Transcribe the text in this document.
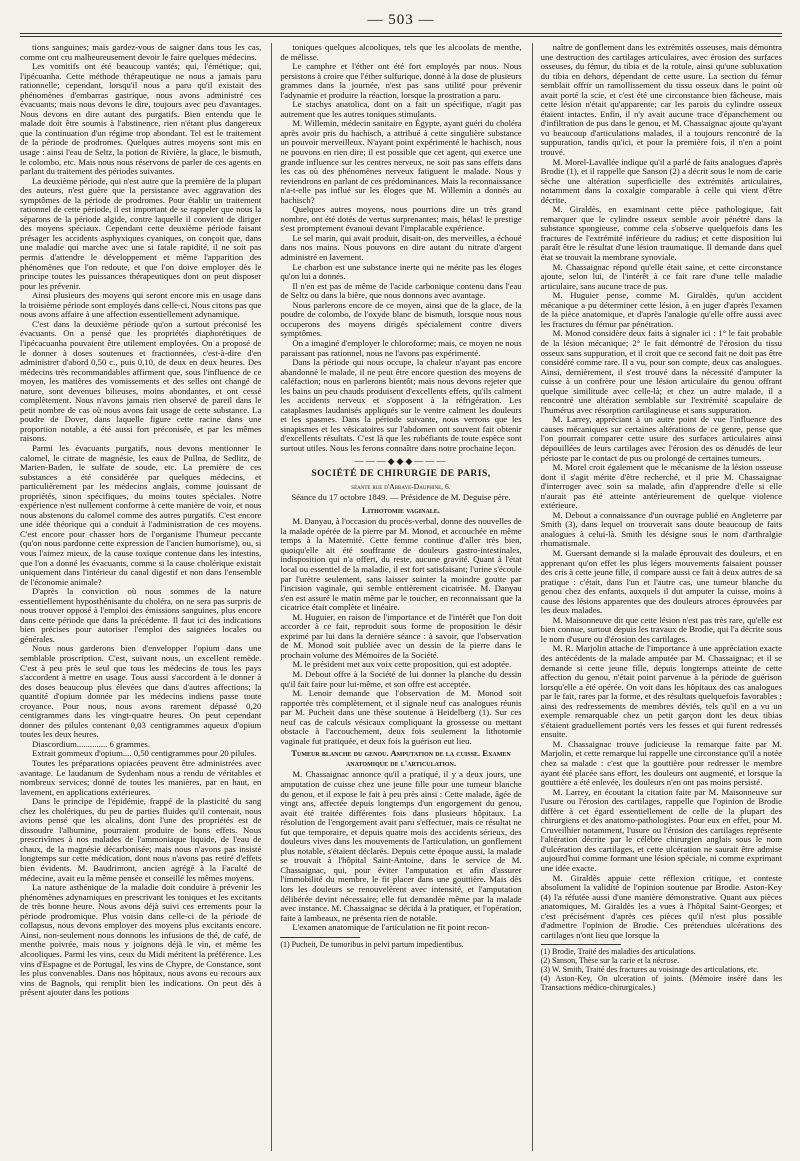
— 503 —

tions sanguines; mais gardez-vous de saigner dans tous les cas, comme ont cru malheureusement devoir le faire quelques médecins.

Les vomitifs ont été beaucoup vantés; qui, l'émétique; qui, l'ipécuanha. Cette méthode thérapeutique ne nous a jamais paru rationnelle; cependant, lorsqu'il nous a paru qu'il existait des phénomènes d'embarras gastrique, nous avons administré ces évacuants; mais nous devons le dire, toujours avec peu d'avantages. Nous devons en dire autant des purgatifs. Bien entendu que le malade doit être soumis à l'abstinence, rien n'étant plus dangereux que la continuation d'un régime trop abondant. Tel est le traitement de la période de prodromes. Quelques autres moyens sont mis en usage : ainsi l'eau de Seltz, la potion de Rivière, la glace, le bismuth, le colombo, etc. Mais nous nous réservons de parler de ces agents en parlant du traitement des périodes suivantes.

La deuxième période, qui n'est autre que la première de la plupart des auteurs, n'est guère que la persistance avec aggravation des symptômes de la période de prodromes. Pour établir un traitement rationnel de cette période, il est important de se rappeler que nous la séparons de la période algide, contre laquelle il convient de diriger des moyens spéciaux. Cependant cette deuxième période faisant présager les accidents asphyxiques cyaniques, on conçoit que, dans une maladie qui marche avec une si fatale rapidité, il ne soit pas permis d'attendre le développement et même l'apparition des phénomènes que l'on redoute, et que l'on doive employer dès le principe toutes les puissances thérapeutiques dont on peut disposer pour les prévenir.

Ainsi plusieurs des moyens qui seront encore mis en usage dans la troisième période sont employés dans celle-ci. Nous citons pas que nous avons affaire à une affection essentiellement adynamique.

C'est dans la deuxième période qu'on a surtout préconisé les évacuants. On a pensé que les propriétés diaphorétiques de l'ipécacuanha pouvaient être utilement employées. On a proposé de le donner à doses soutenues et fractionnées, c'est-à-dire d'en administrer d'abord 0,50 c., puis 0,10, de deux en deux heures. Des médecins très recommandables affirment que, sous l'influence de ce moyen, les matières des vomissements et des selles ont changé de nature, sont devenues bilieuses, moins abondantes, et ont cessé complètement. Nous n'avons jamais rien observé de pareil dans le petit nombre de cas où nous avons fait usage de cette substance. La poudre de Dover, dans laquelle figure cette racine dans une proportion notable, a été aussi fort préconisée, et par les mêmes raisons.

Parmi les évacuants purgatifs, nous devons mentionner le calomel, le citrate de magnésie, les eaux de Pullna, de Sedlitz, de Marien-Baden, le sulfate de soude, etc. La première de ces substances a été considérée par quelques médecins, et particulièrement par les médecins anglais, comme jouissant de propriétés, sinon spécifiques, du moins toutes spéciales. Notre expérience n'est nullement conforme à cette manière de voir, et nous nous abstenons du calomel comme des autres purgatifs. C'est encore une idée théorique qui a conduit à l'administration de ces moyens. C'est encore pour chasser hors de l'organisme l'humeur peccante (qu'on nous pardonne cette expression de l'ancien humorisme), ou, si vous l'aimez mieux, de la cause toxique contenue dans les intestins, que l'on a donné les évacuants, comme si la cause cholérique existait uniquement dans l'intérieur du canal digestif et non dans l'ensemble de l'économie animale?

D'après la conviction où nous sommes de la nature essentiellement hyposthénisante du choléra, on ne sera pas surpris de nous trouver opposé à l'emploi des émissions sanguines, plus encore dans cette période que dans la précédente. Il faut ici des indications bien précises pour autoriser l'emploi des saignées locales ou générales.

Nous nous garderons bien d'envelopper l'opium dans une semblable proscription. C'est, suivant nous, un excellent remède. C'est à peu près le seul que tous les médecins de tous les pays s'accordent à mettre en usage. Tous aussi s'accordent à le donner à des doses beaucoup plus élevées que dans d'autres affections; la quantité d'opium donnée par les médecins indiens passe toute croyance. Pour nous, nous avons rarement dépassé 0,20 centigrammes dans les vingt-quatre heures. On peut cependant donner des pilules contenant 0,03 centigrammes aqueux d'opium toutes les deux heures.

Diascordium.............. 6 grammes.

Extrait gommeux d'opium.... 0,50 centigrammes pour 20 pilules.

Toutes les préparations opiacées peuvent être administrées avec avantage. Le laudanum de Sydenham nous a rendu de véritables et nombreux services; donné de toutes les manières, par en haut, en lavement, en applications extérieures.

Dans le principe de l'épidémie, frappé de la plasticité du sang chez les cholériques, du peu de parties fluides qu'il contenait, nous avions pensé que les alcalins, dont l'une des propriétés est de dissoudre l'albumine, pourraient produire de bons effets. Nous prescrivîmes à nos malades de l'ammoniaque liquide, de l'eau de chaux, de la magnésie décarbonisée; mais nous n'avons pas insisté longtemps sur cette médication, dont nous n'avons pas retiré d'effets bien évidents. M. Baudrimont, ancien agrégé à la Faculté de médecine, avait eu la même pensée et conseillé les mêmes moyens.

La nature asthénique de la maladie doit conduire à prévenir les phénomènes adynamiques en prescrivant les toniques et les excitants de très bonne heure. Nous avons déjà suivi ces errements pour la période prodromique. Plus voisin dans celle-ci de la période de collapsus, nous devons employer des moyens plus excitants encore. Ainsi, non-seulement nous donnons les infusions de thé, de café, de menthe poivrée, mais nous y joignons déjà le vin, et même les alcooliques. Parmi les vins, ceux du Midi méritent la préférence. Les vins d'Espagne et de Portugal, les vins de Chypre, de Constance, sont les plus convenables. Dans nos hôpitaux, nous avons eu recours aux vins de Bagnols, qui remplit bien les indications. On peut dès à présent ajouter dans les potions

toniques quelques alcooliques, tels que les alcoolats de menthe, de mélisse.

Le camphre et l'éther ont été fort employés par nous. Nous persistons à croire que l'éther sulfurique, donné à la dose de plusieurs grammes dans la journée, n'est pas sans utilité pour prévenir l'adynamie et produire la réaction, lorsque la prostration a paru.

Le stachys anatolica, dont on a fait un spécifique, n'agit pas autrement que les autres toniques stimulants.

M. Willemin, médecin sanitaire en Égypte, ayant guéri du choléra après avoir pris du hachisch, a attribué à cette singulière substance un pouvoir merveilleux. N'ayant point expérimenté le hachisch, nous ne pouvons en rien dire; il est possible que cet agent, qui exerce une grande influence sur les centres nerveux, ne soit pas sans effets dans les cas où des phénomènes nerveux fatiguent le malade. Nous y reviendrons en parlant de ces prédominances. Mais la reconnaissance n'a-t-elle pas influé sur les éloges que M. Willemin a donnés au hachisch?

Quelques autres moyens, nous pourrions dire un très grand nombre, ont été dotés de vertus surprenantes; mais, hélas! le prestige s'est promptement évanoui devant l'implacable expérience.

Le sel marin, qui avait produit, disait-on, des merveilles, a échoué dans nos mains. Nous pouvons en dire autant du nitrate d'argent administré en lavement.

Le charbon est une substance inerte qui ne mérite pas les éloges qu'on lui a donnés.

Il n'en est pas de même de l'acide carbonique contenu dans l'eau de Seltz ou dans la bière, que nous donnons avec avantage.

Nous parlerons encore de ce moyen, ainsi que de la glace, de la poudre de colombo, de l'oxyde blanc de bismuth, lorsque nous nous occuperons des moyens dirigés spécialement contre divers symptômes.

On a imaginé d'employer le chloroforme; mais, ce moyen ne nous paraissant pas rationnel, nous ne l'avons pas expérimenté.

Dans la période qui nous occupe, la chaleur n'ayant pas encore abandonné le malade, il ne peut être encore question des moyens de caléfaction; nous en parlerons bientôt; mais nous devons rejeter que les bains un peu chauds produisent d'excellents effets, qu'ils calment les accidents nerveux et s'opposent à la réfrigération. Les cataplasmes laudanisés appliqués sur le ventre calment les douleurs et les spasmes. Dans la période suivante, nous verrons que les sinapismes et les vésicatoires sur l'abdomen ont souvent fait obtenir d'excellents résultats. C'est là que les rubéfiants de toute espèce sont surtout utiles. Nous les ferons connaître dans notre prochaine leçon.

———◆◆◆———
SOCIÉTÉ DE CHIRURGIE DE PARIS,
séante rue d'Abbaye-Dauphine, 6.
Séance du 17 octobre 1849. — Présidence de M. Deguise père.
Lithotomie vaginale.

M. Danyau, à l'occasion du procès-verbal, donne des nouvelles de la malade opérée de la pierre par M. Monod, et accouchée en même temps à la Maternité. Cette femme continue d'aller très bien, quoiqu'elle ait été souffrante de douleurs gastro-intestinales, indisposition qui n'a offert, du reste, aucune gravité. Quant à l'état local ou essentiel de la maladie, il est fort satisfaisant; l'urine s'écoule par l'urètre seulement, sans laisser suinter la moindre goutte par l'incision vaginale, qui semble entièrement cicatrisée. M. Danyau s'en est assuré le matin même par le toucher, en reconnaissant que la cicatrice était complète et linéaire.

M. Huguier, en raison de l'importance et de l'intérêt que l'on doit accorder à ce fait, reproduit sous forme de proposition le désir exprimé par lui dans la dernière séance : à savoir, que l'observation de M. Monod soit publiée avec un dessin de la pierre dans le prochain volume des Mémoires de la Société.

M. le président met aux voix cette proposition, qui est adoptée.

M. Debout offre à la Société de lui donner la planche du dessin qu'il fait faire pour lui-même, et son offre est acceptée.

M. Lenoir demande que l'observation de M. Monod soit rapportée très complètement, et il signale neuf cas analogues réunis par M. Pucheit dans une thèse soutenue à Heidelberg (1). Sur ces neuf cas de calculs vésicaux compliquant la grossesse ou mettant obstacle à l'accouchement, deux fois seulement la lithotomie vaginale fut pratiquée, et deux fois la guérison eut lieu.

Tumeur blanche du genou. Amputation de la cuisse. Examen anatomique de l'articulation.

M. Chassaignac annonce qu'il a pratiqué, il y a deux jours, une amputation de cuisse chez une jeune fille pour une tumeur blanche du genou, et il expose le fait à peu près ainsi : Cette malade, âgée de vingt ans, affectée depuis longtemps d'un engorgement du genou, avait été traitée différentes fois dans plusieurs hôpitaux. La résolution de l'engorgement avait paru s'effectuer, mais ce résultat ne fut que temporaire, et depuis quatre mois des accidents sérieux, des douleurs vives dans les mouvements de l'articulation, un gonflement plus notable, s'étaient déclarés. Depuis cette époque aussi, la malade se trouvait à l'hôpital Saint-Antoine, dans le service de M. Chassaignac, qui, pour éviter l'amputation et afin d'assurer l'immobilité du membre, le fit placer dans une gouttière. Mais dès lors les douleurs se renouvelèrent avec intensité, et l'amputation délibérée devint nécessaire; elle fut demandée même par la malade avec instance. M. Chassaignac se décida à la pratiquer, et l'opération, faite à lambeaux, ne présenta rien de notable.

L'examen anatomique de l'articulation ne fit point recon-

(1) Pucheit, De tumoribus in pelvi partum impedientibus.

naître de gonflement dans les extrémités osseuses, mais démontra une destruction des cartilages articulaires, avec érosion des surfaces osseuses, du fémur, du tibia et de la rotule, ainsi qu'une subluxation du tibia en dehors, dépendant de cette usure. La section du fémur semblait offrir un ramollissement du tissu osseux dans le point où avait porté la scie, et c'est été une circonstance bien fâcheuse, mais cette lésion n'était qu'apparente; car les parois du cylindre osseux étaient intactes. Enfin, il n'y avait aucune trace d'épanchement ou d'infiltration de pus dans le genou, et M. Chassaignac ajoute qu'ayant vu beaucoup d'articulations malades, il a toujours rencontré de la suppuration, tandis qu'ici, et pour la première fois, il n'en a point trouvé.

M. Morel-Lavallée indique qu'il a parlé de faits analogues d'après Brodie (1), et il rappelle que Sanson (2) a décrit sous le nom de carie sèche une altération superficielle des extrémités articulaires, notamment dans la coxalgie comparable à celle qui vient d'être décrite.

M. Giraldès, en examinant cette pièce pathologique, fait remarquer que le cylindre osseux semble avoir pénétré dans la substance spongieuse, comme cela s'observe quelquefois dans les fractures de l'extrémité inférieure du radius; et cette disposition lui paraît être le résultat d'une lésion traumatique. Il demande dans quel état se trouvait la membrane synoviale.

M. Chassaignac répond qu'elle était saine, et cette circonstance ajoute, selon lui, de l'intérêt à ce fait rare d'une telle maladie articulaire, sans aucune trace de pus.

M. Huguier pense, comme M. Giraldès, qu'un accident mécanique a pu déterminer cette lésion, à en juger d'après l'examen de la pièce anatomique, et d'après l'analogie qu'elle offre aussi avec les fractures du fémur par pénétration.

M. Monod considère deux faits à signaler ici : 1° le fait probable de la lésion mécanique; 2° le fait démontré de l'érosion du tissu osseux sans suppuration, et il croit que ce second fait ne doit pas être considéré comme rare. Il a vu, pour son compte, deux cas analogues. Ainsi, dernièrement, il s'est trouvé dans la nécessité d'amputer la cuisse à un confrère pour une lésion articulaire du genou offrant quelque similitude avec celle-là; et chez un autre malade, il a rencontré une altération semblable sur l'extrémité scapulaire de l'humérus avec résorption cartilagineuse et sans suppuration.

M. Larrey, appréciant à un autre point de vue l'influence des causes mécaniques sur certaines altérations de ce genre, pense que l'on pourrait comparer cette usure des surfaces articulaires ainsi dépouillées de leurs cartilages avec l'érosion des os dénudés de leur périoste par le contact de pus ou prolongé de certaines tumeurs.

M. Morel croit également que le mécanisme de la lésion osseuse dont il s'agit mérite d'être recherché, et il prie M. Chassaignac d'interroger avec soin sa malade, afin d'apprendre d'elle si elle n'aurait pas été atteinte antérieurement de quelque violence extérieure.

M. Debout a connaissance d'un ouvrage publié en Angleterre par Smith (3), dans lequel on trouverait sans doute beaucoup de faits analogues à celui-là. Smith les désigne sous le nom d'arthralgie rhumatismale.

M. Guersant demande si la malade éprouvait des douleurs, et en apprenant qu'on effet les plus légers mouvements faisaient pousser des cris à cette jeune fille, il compare aussi ce fait à deux autres de sa pratique : c'était, dans l'un et l'autre cas, une tumeur blanche du genou chez des enfants, auxquels il dut amputer la cuisse, moins à cause des lésions apparentes que des douleurs atroces éprouvées par les deux malades.

M. Maisonneuve dit que cette lésion n'est pas très rare, qu'elle est bien connue, surtout depuis les travaux de Brodie, qui l'a décrite sous le nom d'usure ou d'érosion des cartilages.

M. R. Marjolin attache de l'importance à une appréciation exacte des antécédents de la malade amputée par M. Chassaignac; et il se demande si cette jeune fille, depuis longtemps atteinte de cette affection du genou, n'était point parvenue à la période de guérison lorsqu'elle a été opérée. On voit dans les hôpitaux des cas analogues par le fait, rares par la forme, et des résultats quelquefois favorables : ainsi des redressements de membres déviés, tels qu'il en a vu un exemple remarquable chez un petit garçon dont les deux tibias s'étaient graduellement portés vers les fesses et qui furent redressés ensuite.

M. Chassaignac trouve judicieuse la remarque faite par M. Marjolin, et cette remarque lui rappelle une circonstance qu'il a notée chez sa malade : c'est que la gouttière pour redresser le membre ayant été placée sans effort, les douleurs ont augmenté, et lorsque la gouttière a été enlevée, les douleurs n'en ont pas moins persisté.

M. Larrey, en écoutant la citation faite par M. Maisonneuve sur l'usure ou l'érosion des cartilages, rappelle que l'opinion de Brodie diffère à cet égard essentiellement de celle de la plupart des chirurgiens et des anatomo-pathologistes. Pour eux en effet, pour M. Cruveilhier notamment, l'usure ou l'érosion des cartilages représente l'altération décrite par le célèbre chirurgien anglais sous le nom d'ulcération des cartilages, et cette ulcération ne saurait être admise aujourd'hui comme formant une lésion spéciale, ni comme exprimant une idée exacte.

M. Giraldès appuie cette réflexion critique, et conteste absolument la validité de l'opinion soutenue par Brodie. Aston-Key (4) l'a réfutée aussi d'une manière démonstrative. Quant aux pièces anatomiques, M. Giraldès les a vues à l'hôpital Saint-Georges; et c'est précisément d'après ces pièces qu'il n'est plus possible d'admettre l'opinion de Brodie. Ces prétendues ulcérations des cartilages n'ont lieu que lorsque la

(1) Brodie, Traité des maladies des articulations.

(2) Sanson, Thèse sur la carie et la nécrose.

(3) W. Smith, Traité des fractures au voisinage des articulations, etc.

(4) Aston-Key, On ulceration of joints. (Mémoire inséré dans les Transactions médico-chirurgicales.)
